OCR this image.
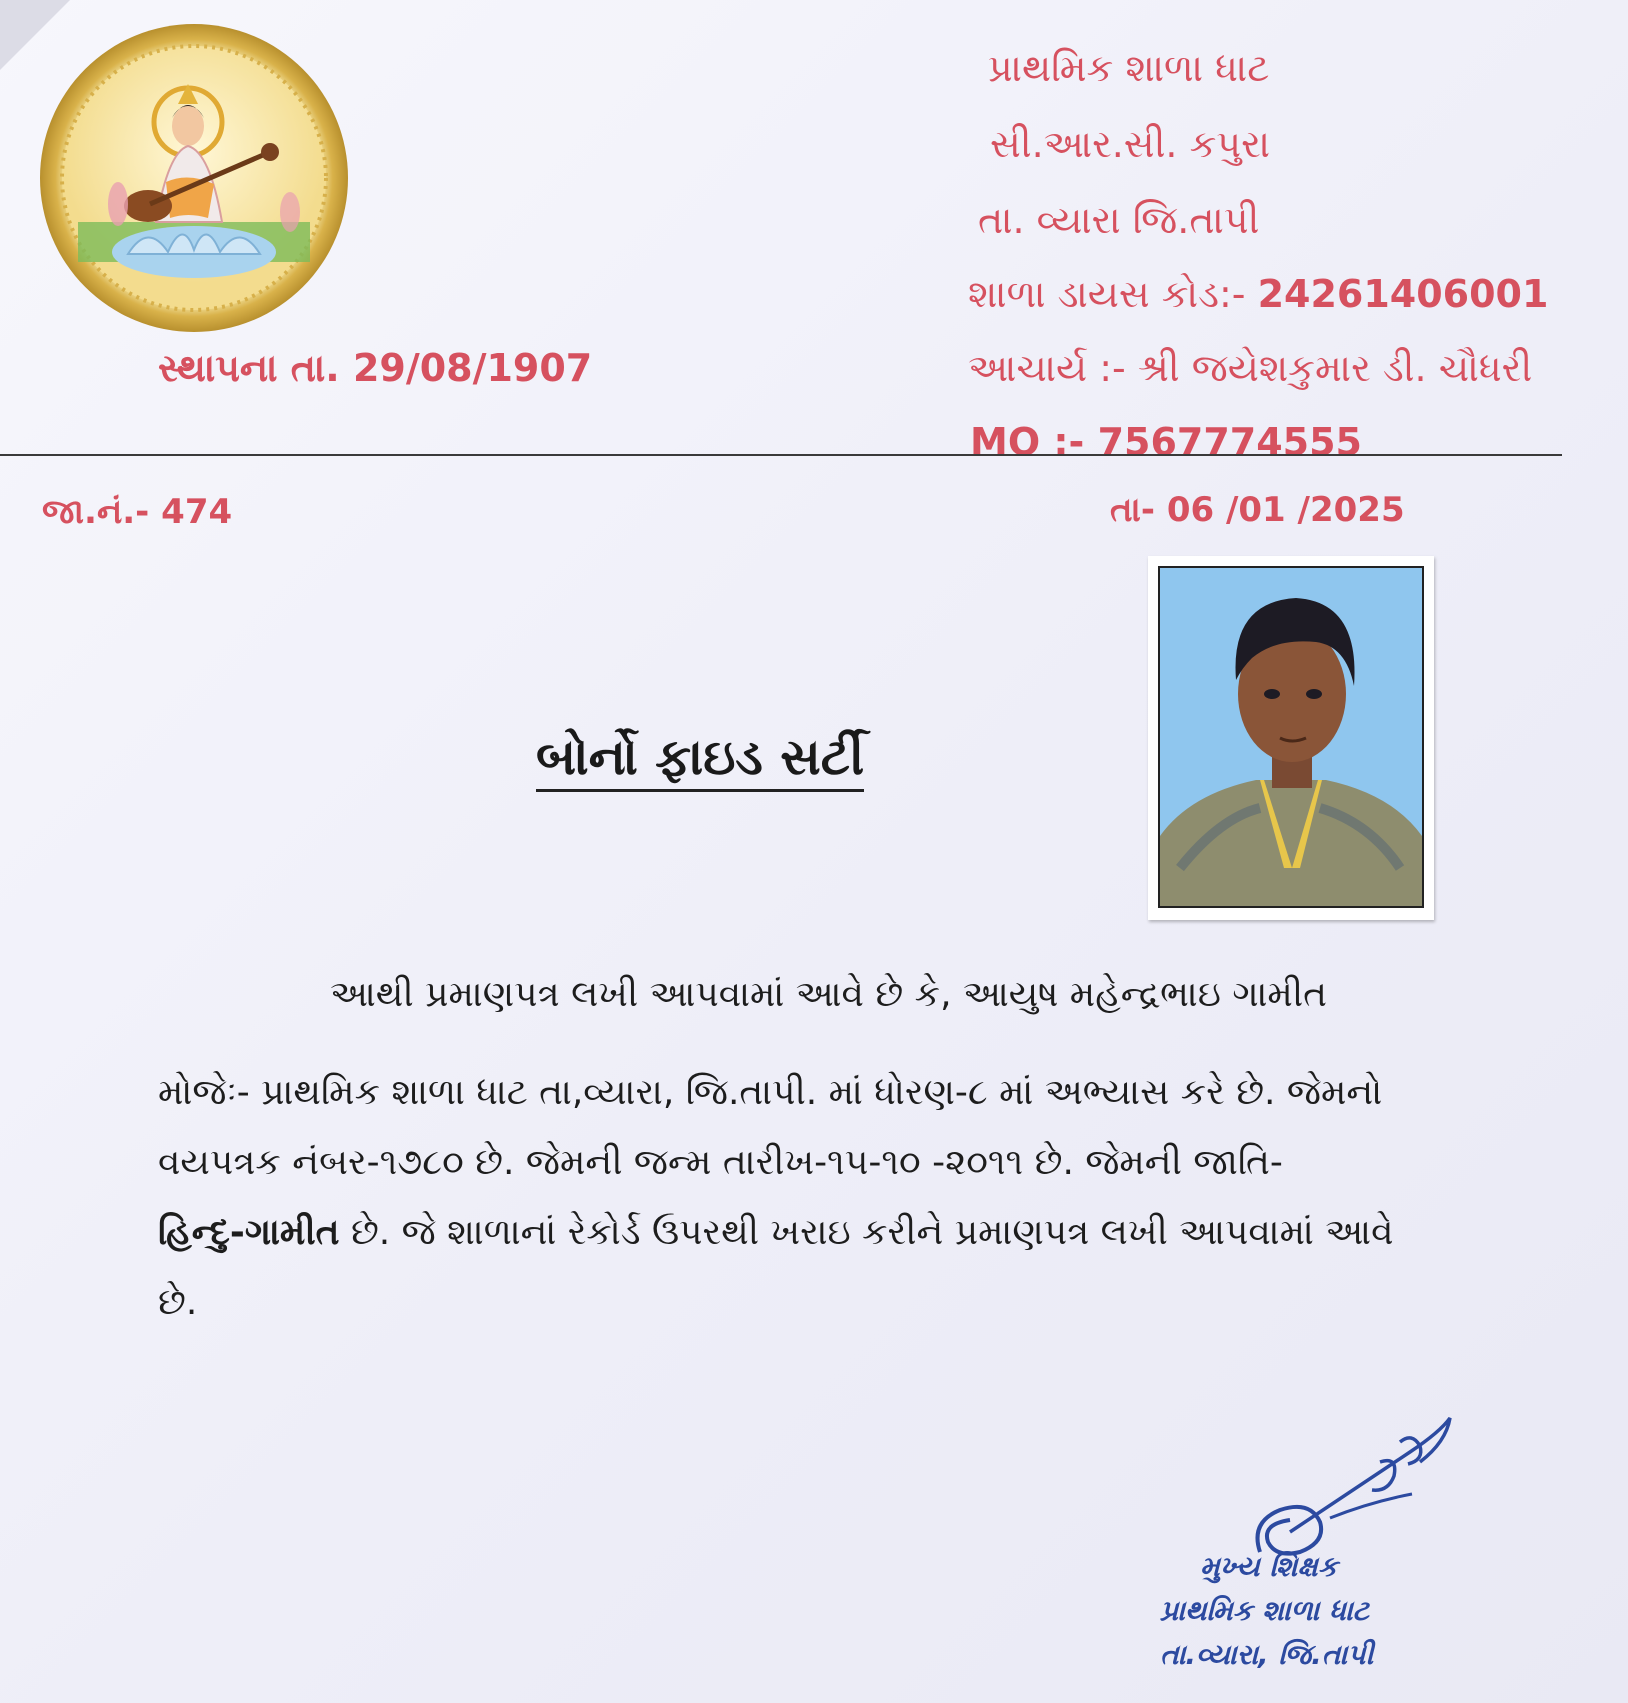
સ્થાપના તા. 29/08/1907
પ્રાથમિક શાળા ધાટ
સી.આર.સી. કપુરા
તા. વ્યારા જિ.તાપી
શાળા ડાયસ કોડ:- 24261406001
આચાર્ય :- શ્રી જયેશકુમાર ડી. ચૌધરી
MO :- 7567774555
જા.નં.- 474	તા- 06 /01 /2025
બોર્નો ફાઇડ સર્ટી
આથી પ્રમાણપત્ર લખી આપવામાં આવે છે કે, આયુષ મહેન્દ્રભાઇ ગામીત
મોજેઃ- પ્રાથમિક શાળા ધાટ તા,વ્યારા, જિ.તાપી. માં ધોરણ-૮ માં અભ્યાસ કરે છે. જેમનો
વયપત્રક નંબર-૧૭૮૦ છે. જેમની જન્મ તારીખ-૧૫-૧૦ -૨૦૧૧ છે. જેમની જાતિ-
હિન્દુ-ગામીત છે. જે શાળાનાં રેકોર્ડ ઉપરથી ખરાઇ કરીને પ્રમાણપત્ર લખી આપવામાં આવે
છે.
મુખ્ય શિક્ષક
પ્રાથમિક શાળા ધાટ
તા.વ્યારા, જિ.તાપી
